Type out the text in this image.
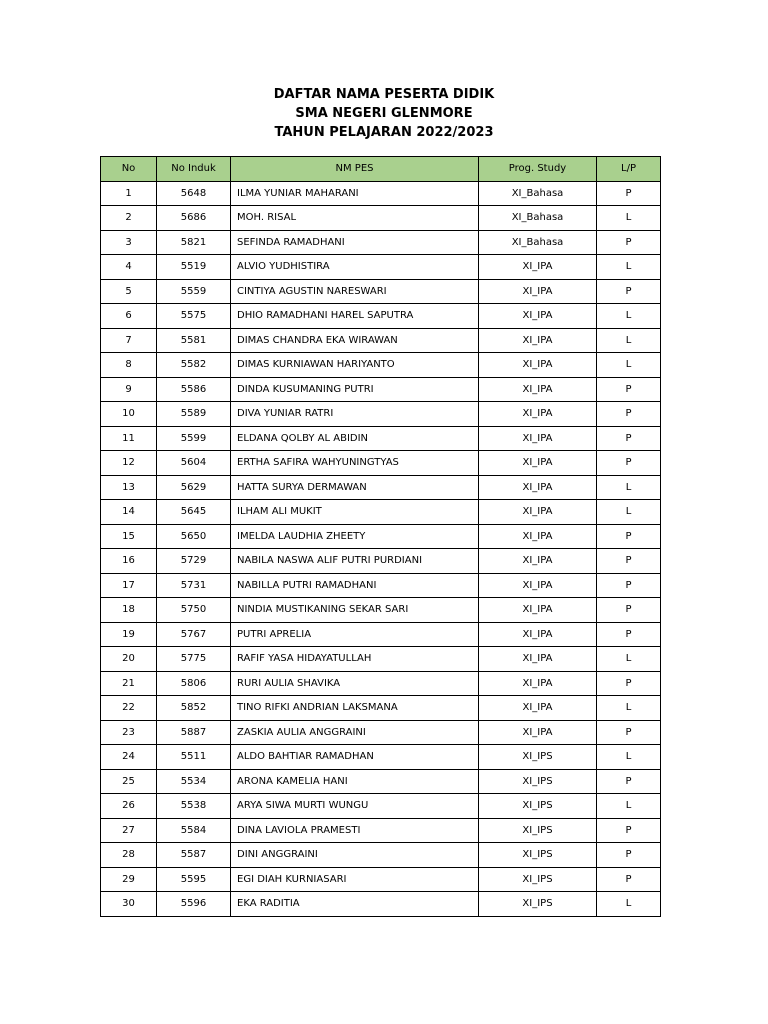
DAFTAR NAMA PESERTA DIDIK
SMA NEGERI GLENMORE
TAHUN PELAJARAN 2022/2023
No	No Induk	NM PES	Prog. Study	L/P
1	5648	ILMA YUNIAR MAHARANI	XI_Bahasa	P
2	5686	MOH. RISAL	XI_Bahasa	L
3	5821	SEFINDA RAMADHANI	XI_Bahasa	P
4	5519	ALVIO YUDHISTIRA	XI_IPA	L
5	5559	CINTIYA AGUSTIN NARESWARI	XI_IPA	P
6	5575	DHIO RAMADHANI HAREL SAPUTRA	XI_IPA	L
7	5581	DIMAS CHANDRA EKA WIRAWAN	XI_IPA	L
8	5582	DIMAS KURNIAWAN HARIYANTO	XI_IPA	L
9	5586	DINDA KUSUMANING PUTRI	XI_IPA	P
10	5589	DIVA YUNIAR RATRI	XI_IPA	P
11	5599	ELDANA QOLBY AL ABIDIN	XI_IPA	P
12	5604	ERTHA SAFIRA WAHYUNINGTYAS	XI_IPA	P
13	5629	HATTA SURYA DERMAWAN	XI_IPA	L
14	5645	ILHAM ALI MUKIT	XI_IPA	L
15	5650	IMELDA LAUDHIA ZHEETY	XI_IPA	P
16	5729	NABILA NASWA ALIF PUTRI PURDIANI	XI_IPA	P
17	5731	NABILLA PUTRI RAMADHANI	XI_IPA	P
18	5750	NINDIA MUSTIKANING SEKAR SARI	XI_IPA	P
19	5767	PUTRI APRELIA	XI_IPA	P
20	5775	RAFIF YASA HIDAYATULLAH	XI_IPA	L
21	5806	RURI AULIA SHAVIKA	XI_IPA	P
22	5852	TINO RIFKI ANDRIAN LAKSMANA	XI_IPA	L
23	5887	ZASKIA AULIA ANGGRAINI	XI_IPA	P
24	5511	ALDO BAHTIAR RAMADHAN	XI_IPS	L
25	5534	ARONA KAMELIA HANI	XI_IPS	P
26	5538	ARYA SIWA MURTI WUNGU	XI_IPS	L
27	5584	DINA LAVIOLA PRAMESTI	XI_IPS	P
28	5587	DINI ANGGRAINI	XI_IPS	P
29	5595	EGI DIAH KURNIASARI	XI_IPS	P
30	5596	EKA RADITIA	XI_IPS	L
